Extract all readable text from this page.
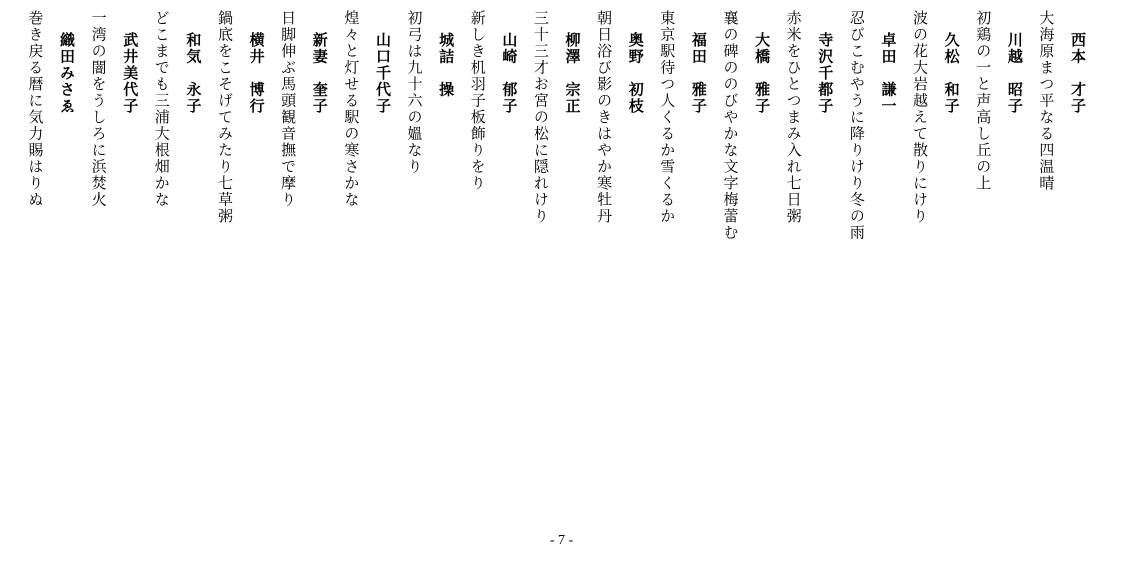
西本　才子
大海原まつ平なる四温晴
川越　昭子
初鶏の一と声高し丘の上
久松　和子
波の花大岩越えて散りにけり
卓田　謙一
忍びこむやうに降りけり冬の雨
寺沢千都子
赤米をひとつまみ入れ七日粥
大橋　雅子
襄の碑ののびやかな文字梅蕾む
福田　雅子
東京駅待つ人くるか雪くるか
奥野　初枝
朝日浴び影のきはやか寒牡丹
柳澤　宗正
三十三才お宮の松に隠れけり
山崎　郁子
新しき机羽子板飾りをり
城詰　操
初弓は九十六の媼なり
山口千代子
煌々と灯せる駅の寒さかな
新妻　奎子
日脚伸ぶ馬頭観音撫で摩り
横井　博行
鍋底をこそげてみたり七草粥
和気　永子
どこまでも三浦大根畑かな
武井美代子
一湾の闇をうしろに浜焚火
織田みさゑ
巻き戻る暦に気力賜はりぬ
- 7 -
